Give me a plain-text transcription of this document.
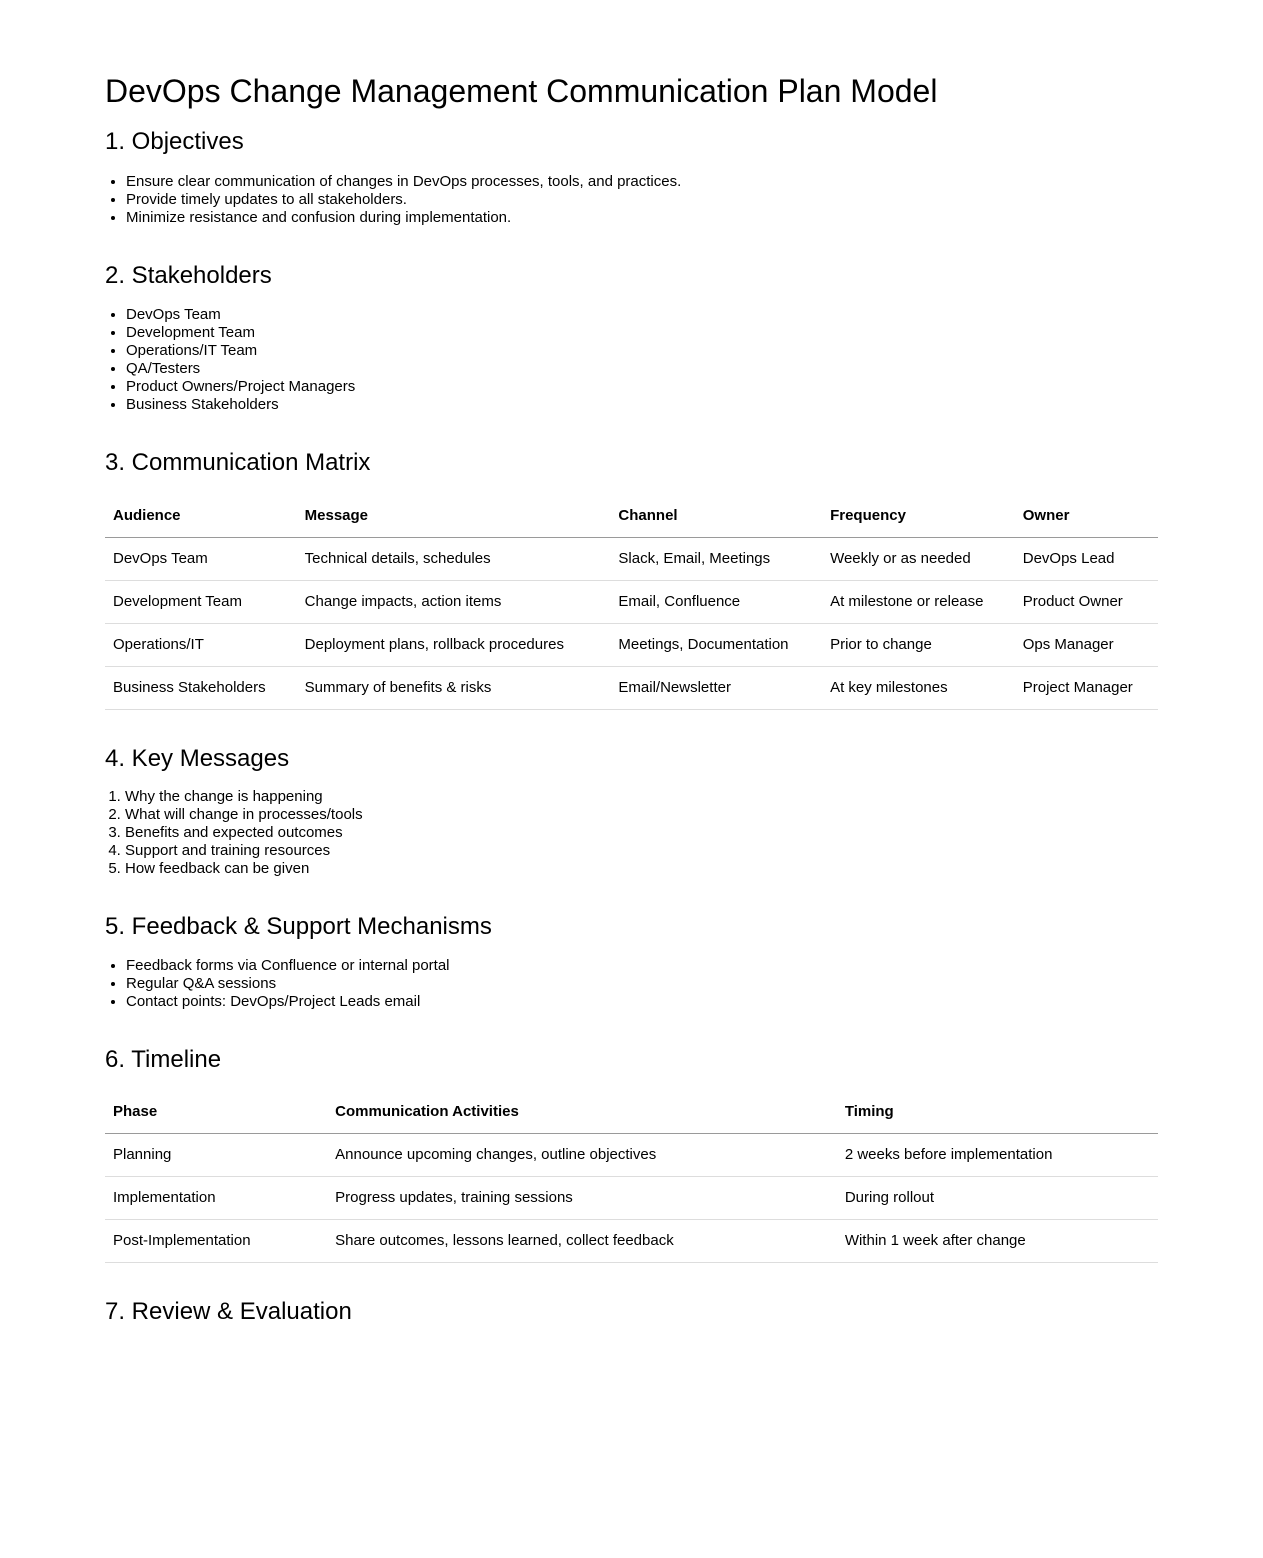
DevOps Change Management Communication Plan Model
1. Objectives
• Ensure clear communication of changes in DevOps processes, tools, and practices.
• Provide timely updates to all stakeholders.
• Minimize resistance and confusion during implementation.
2. Stakeholders
• DevOps Team
• Development Team
• Operations/IT Team
• QA/Testers
• Product Owners/Project Managers
• Business Stakeholders
3. Communication Matrix
Audience	Message	Channel	Frequency	Owner
DevOps Team	Technical details, schedules	Slack, Email, Meetings	Weekly or as needed	DevOps Lead
Development Team	Change impacts, action items	Email, Confluence	At milestone or release	Product Owner
Operations/IT	Deployment plans, rollback procedures	Meetings, Documentation	Prior to change	Ops Manager
Business Stakeholders	Summary of benefits & risks	Email/Newsletter	At key milestones	Project Manager
4. Key Messages
1. Why the change is happening
2. What will change in processes/tools
3. Benefits and expected outcomes
4. Support and training resources
5. How feedback can be given
5. Feedback & Support Mechanisms
• Feedback forms via Confluence or internal portal
• Regular Q&A sessions
• Contact points: DevOps/Project Leads email
6. Timeline
Phase	Communication Activities	Timing
Planning	Announce upcoming changes, outline objectives	2 weeks before implementation
Implementation	Progress updates, training sessions	During rollout
Post-Implementation	Share outcomes, lessons learned, collect feedback	Within 1 week after change
7. Review & Evaluation
